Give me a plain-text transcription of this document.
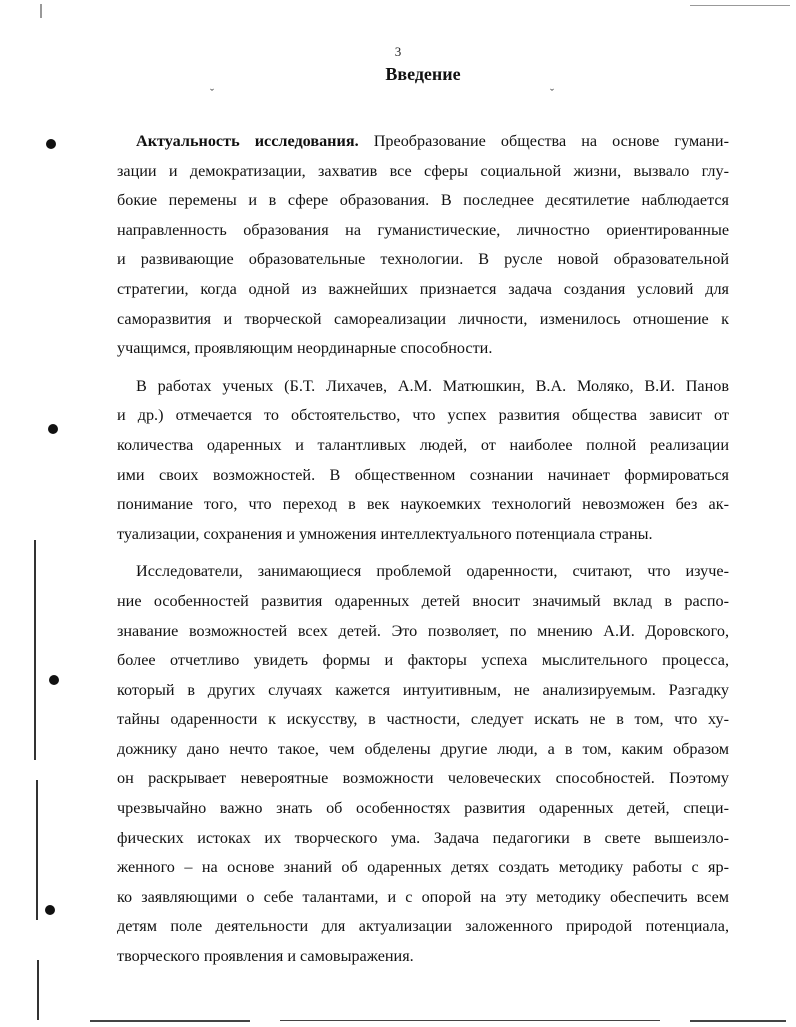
3
Введение
ˇ	ˇ
Актуальность исследования. Преобразование общества на основе гумани-
зации и демократизации, захватив все сферы социальной жизни, вызвало глу-
бокие перемены и в сфере образования. В последнее десятилетие наблюдается
направленность образования на гуманистические, личностно ориентированные
и развивающие образовательные технологии. В русле новой образовательной
стратегии, когда одной из важнейших признается задача создания условий для
саморазвития и творческой самореализации личности, изменилось отношение к
учащимся, проявляющим неординарные способности.
В работах ученых (Б.Т. Лихачев, А.М. Матюшкин, В.А. Моляко, В.И. Панов
и др.) отмечается то обстоятельство, что успех развития общества зависит от
количества одаренных и талантливых людей, от наиболее полной реализации
ими своих возможностей. В общественном сознании начинает формироваться
понимание того, что переход в век наукоемких технологий невозможен без ак-
туализации, сохранения и умножения интеллектуального потенциала страны.
Исследователи, занимающиеся проблемой одаренности, считают, что изуче-
ние особенностей развития одаренных детей вносит значимый вклад в распо-
знавание возможностей всех детей. Это позволяет, по мнению А.И. Доровского,
более отчетливо увидеть формы и факторы успеха мыслительного процесса,
который в других случаях кажется интуитивным, не анализируемым. Разгадку
тайны одаренности к искусству, в частности, следует искать не в том, что ху-
дожнику дано нечто такое, чем обделены другие люди, а в том, каким образом
он раскрывает невероятные возможности человеческих способностей. Поэтому
чрезвычайно важно знать об особенностях развития одаренных детей, специ-
фических истоках их творческого ума. Задача педагогики в свете вышеизло-
женного – на основе знаний об одаренных детях создать методику работы с яр-
ко заявляющими о себе талантами, и с опорой на эту методику обеспечить всем
детям поле деятельности для актуализации заложенного природой потенциала,
творческого проявления и самовыражения.
